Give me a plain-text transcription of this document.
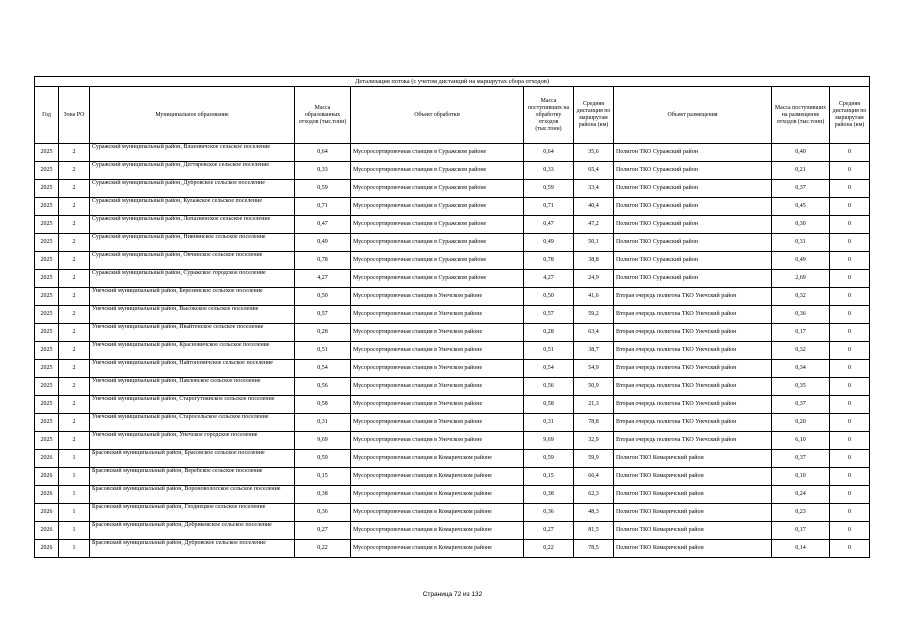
Детализация потока (с учетом дистанций на маршрутах сбора отходов)									
Год	Зона РО	Муниципальное образование	Масса образованных отходов (тыс.тонн)	Объект обработки	Масса поступивших на обработку отходов (тыс.тонн)	Средняя дистанция по маршрутам района (км)	Объект размещения	Масса поступивших на размещение отходов (тыс.тонн)	Средняя дистанция по маршрутам района (км)
2025	2	Суражский муниципальный район, Влазовичское сельское поселение	0,64	Мусоросортировочная станция в Суражском районе	0,64	35,6	Полигон ТКО Суражский район	0,40	0
2025	2	Суражский муниципальный район, Дегтяревское сельское поселение	0,33	Мусоросортировочная станция в Суражском районе	0,33	65,4	Полигон ТКО Суражский район	0,21	0
2025	2	Суражский муниципальный район, Дубровское сельское поселение	0,59	Мусоросортировочная станция в Суражском районе	0,59	33,4	Полигон ТКО Суражский район	0,37	0
2025	2	Суражский муниципальный район, Кулажское сельское поселение	0,71	Мусоросортировочная станция в Суражском районе	0,71	40,4	Полигон ТКО Суражский район	0,45	0
2025	2	Суражский муниципальный район, Лопазненское сельское поселение	0,47	Мусоросортировочная станция в Суражском районе	0,47	47,2	Полигон ТКО Суражский район	0,30	0
2025	2	Суражский муниципальный район, Нивнянское сельское поселение	0,49	Мусоросортировочная станция в Суражском районе	0,49	50,1	Полигон ТКО Суражский район	0,31	0
2025	2	Суражский муниципальный район, Овчинское сельское поселение	0,78	Мусоросортировочная станция в Суражском районе	0,78	38,8	Полигон ТКО Суражский район	0,49	0
2025	2	Суражский муниципальный район, Суражское городское поселение	4,27	Мусоросортировочная станция в Суражском районе	4,27	24,9	Полигон ТКО Суражский район	2,69	0
2025	2	Унечский муниципальный район, Березинское сельское поселение	0,50	Мусоросортировочная станция в Унечском районе	0,50	41,6	Вторая очередь полигона ТКО Унечский район	0,32	0
2025	2	Унечский муниципальный район, Высокское сельское поселение	0,57	Мусоросортировочная станция в Унечском районе	0,57	59,2	Вторая очередь полигона ТКО Унечский район	0,36	0
2025	2	Унечский муниципальный район, Ивайтенское сельское поселение	0,28	Мусоросортировочная станция в Унечском районе	0,28	63,4	Вторая очередь полигона ТКО Унечский район	0,17	0
2025	2	Унечский муниципальный район, Красновичское сельское поселение	0,51	Мусоросортировочная станция в Унечском районе	0,51	38,7	Вторая очередь полигона ТКО Унечский район	0,32	0
2025	2	Унечский муниципальный район, Найтоповичское сельское поселение	0,54	Мусоросортировочная станция в Унечском районе	0,54	54,9	Вторая очередь полигона ТКО Унечский район	0,34	0
2025	2	Унечский муниципальный район, Павловское сельское поселение	0,56	Мусоросортировочная станция в Унечском районе	0,56	50,9	Вторая очередь полигона ТКО Унечский район	0,35	0
2025	2	Унечский муниципальный район, Старогутнянское сельское поселение	0,58	Мусоросортировочная станция в Унечском районе	0,58	21,3	Вторая очередь полигона ТКО Унечский район	0,37	0
2025	2	Унечский муниципальный район, Старосельское сельское поселение	0,31	Мусоросортировочная станция в Унечском районе	0,31	78,8	Вторая очередь полигона ТКО Унечский район	0,20	0
2025	2	Унечский муниципальный район, Унечское городское поселение	9,69	Мусоросортировочная станция в Унечском районе	9,69	32,9	Вторая очередь полигона ТКО Унечский район	6,10	0
2026	1	Брасовский муниципальный район, Брасовское сельское поселение	0,59	Мусоросортировочная станция в Комаричском районе	0,59	59,9	Полигон ТКО Комаричский район	0,37	0
2026	1	Брасовский муниципальный район, Веребское сельское поселение	0,15	Мусоросортировочная станция в Комаричском районе	0,15	66,4	Полигон ТКО Комаричский район	0,10	0
2026	1	Брасовский муниципальный район, Вороновологское сельское поселение	0,38	Мусоросортировочная станция в Комаричском районе	0,38	62,3	Полигон ТКО Комаричский район	0,24	0
2026	1	Брасовский муниципальный район, Глоднецкое сельское поселение	0,36	Мусоросортировочная станция в Комаричском районе	0,36	48,3	Полигон ТКО Комаричский район	0,23	0
2026	1	Брасовский муниципальный район, Добриковское сельское поселение	0,27	Мусоросортировочная станция в Комаричском районе	0,27	81,5	Полигон ТКО Комаричский район	0,17	0
2026	1	Брасовский муниципальный район, Дубровское сельское поселение	0,22	Мусоросортировочная станция в Комаричском районе	0,22	78,5	Полигон ТКО Комаричский район	0,14	0
Страница 72 из 132
